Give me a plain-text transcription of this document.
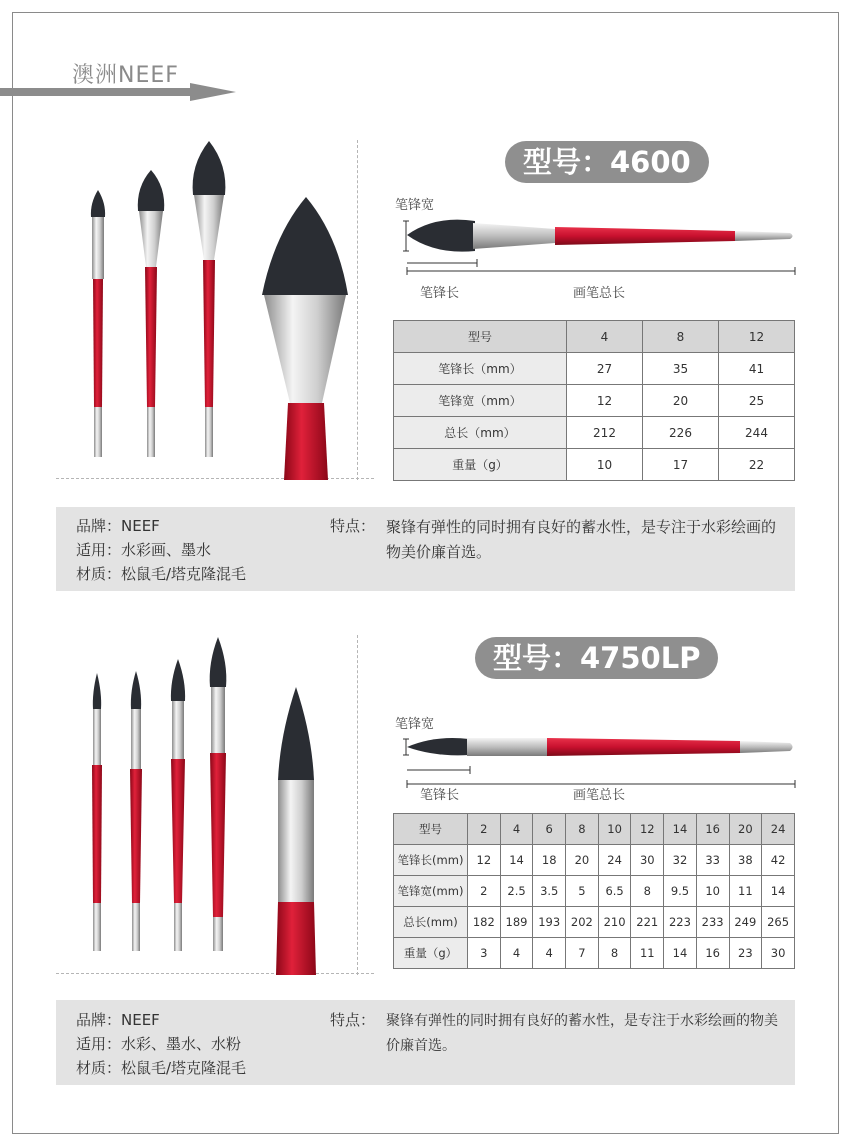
澳洲NEEF
型号：4600
笔锋宽
笔锋长	画笔总长
型号	4	8	12
笔锋长（mm）	27	35	41
笔锋宽（mm）	12	20	25
总长（mm）	212	226	244
重量（g）	10	17	22
品牌：NEEF
适用：水彩画、墨水
材质：松鼠毛/塔克隆混毛
特点： 聚锋有弹性的同时拥有良好的蓄水性，是专注于水彩绘画的物美价廉首选。
型号：4750LP
笔锋宽
笔锋长	画笔总长
型号	2	4	6	8	10	12	14	16	20	24
笔锋长(mm)	12	14	18	20	24	30	32	33	38	42
笔锋宽(mm)	2	2.5	3.5	5	6.5	8	9.5	10	11	14
总长(mm)	182	189	193	202	210	221	223	233	249	265
重量（g）	3	4	4	7	8	11	14	16	23	30
品牌：NEEF
适用：水彩、墨水、水粉
材质：松鼠毛/塔克隆混毛
特点： 聚锋有弹性的同时拥有良好的蓄水性，是专注于水彩绘画的物美价廉首选。
